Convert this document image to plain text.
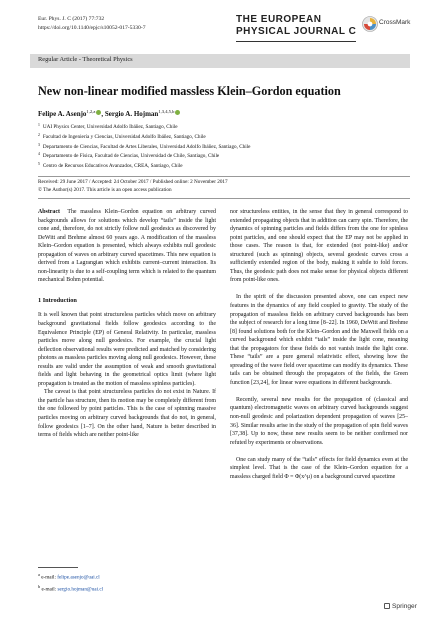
Eur. Phys. J. C (2017) 77:732
https://doi.org/10.1140/epjc/s10052-017-5330-7
THE EUROPEAN
PHYSICAL JOURNAL C
CrossMark
Regular Article - Theoretical Physics
New non-linear modified massless Klein–Gordon equation
Felipe A. Asenjo$^{1,2,a}$ , Sergio A. Hojman$^{1,3,4,5,b}$
$^1$ UAI Physics Center, Universidad Adolfo Ibáñez, Santiago, Chile
$^2$ Facultad de Ingeniería y Ciencias, Universidad Adolfo Ibáñez, Santiago, Chile
$^3$ Departamento de Ciencias, Facultad de Artes Liberales, Universidad Adolfo Ibáñez, Santiago, Chile
$^4$ Departamento de Física, Facultad de Ciencias, Universidad de Chile, Santiago, Chile
$^5$ Centro de Recursos Educativos Avanzados, CREA, Santiago, Chile
Received: 29 June 2017 / Accepted: 24 October 2017 / Published online: 2 November 2017
© The Author(s) 2017. This article is an open access publication

Abstract The massless Klein–Gordon equation on arbitrary curved backgrounds allows for solutions which develop “tails” inside the light cone and, therefore, do not strictly follow null geodesics as discovered by DeWitt and Brehme almost 60 years ago. A modification of the massless Klein–Gordon equation is presented, which always exhibits null geodesic propagation of waves on arbitrary curved spacetimes. This new equation is derived from a Lagrangian which exhibits current–current interaction. Its non-linearity is due to a self-coupling term which is related to the quantum mechanical Bohm potential.

1 Introduction

It is well known that point structureless particles which move on arbitrary background gravitational fields follow geodesics according to the Equivalence Principle (EP) of General Relativity. In particular, massless particles move along null geodesics. For example, the crucial light deflection observational results were predicted and matched by considering photons as massless particles moving along null geodesics. However, these results are valid under the assumption of weak and smooth gravitational fields and light behaving in the geometrical optics limit (where light propagation is treated as the motion of massless spinless particles).

The caveat is that point structureless particles do not exist in Nature. If the particle has structure, then its motion may be completely different from the one followed by point particles. This is the case of spinning massive particles moving on arbitrary curved backgrounds that do not, in general, follow geodesics [1–7]. On the other hand, Nature is better described in terms of fields which are neither point-like

nor structureless entities, in the sense that they in general correspond to extended propagating objects that in addition can carry spin. Therefore, the dynamics of spinning particles and fields differs from the one for spinless point particles, and one should expect that the EP may not be applied in those cases. The reason is that, for extended (not point-like) and/or structured (such as spinning) objects, several geodesic curves cross a sufficiently extended region of the body, making it subtle to fold forces. Thus, the geodesic path does not make sense for physical objects different from point-like ones.

In the spirit of the discussion presented above, one can expect new features in the dynamics of any field coupled to gravity. The study of the propagation of massless fields on arbitrary curved backgrounds has been the subject of research for a long time [8–22]. In 1960, DeWitt and Brehme [8] found solutions both for the Klein–Gordon and the Maxwell fields on a curved background which exhibit “tails” inside the light cone, meaning that the propagators for these fields do not vanish inside the light cone. These “tails” are a pure general relativistic effect, showing how the spreading of the wave field over spacetime can modify its dynamics. These tails can be obtained through the propagators of the fields, the Green function [23,24], for linear wave equations in different backgrounds.

Recently, several new results for the propagation of (classical and quantum) electromagnetic waves on arbitrary curved backgrounds suggest non-null geodesic and polarization dependent propagation of waves [25–36]. Similar results arise in the study of the propagation of spin field waves [37,38]. Up to now, these new results seem to be neither confirmed nor refuted by experiments or observations.

One can study many of the “tails” effects for field dynamics even at the simplest level. That is the case of the Klein–Gordon equation for a massless charged field Φ = Φ(x^μ) on a background curved spacetime

$^a$ e-mail: felipe.asenjo@uai.cl
$^b$ e-mail: sergio.hojman@uai.cl
Springer
